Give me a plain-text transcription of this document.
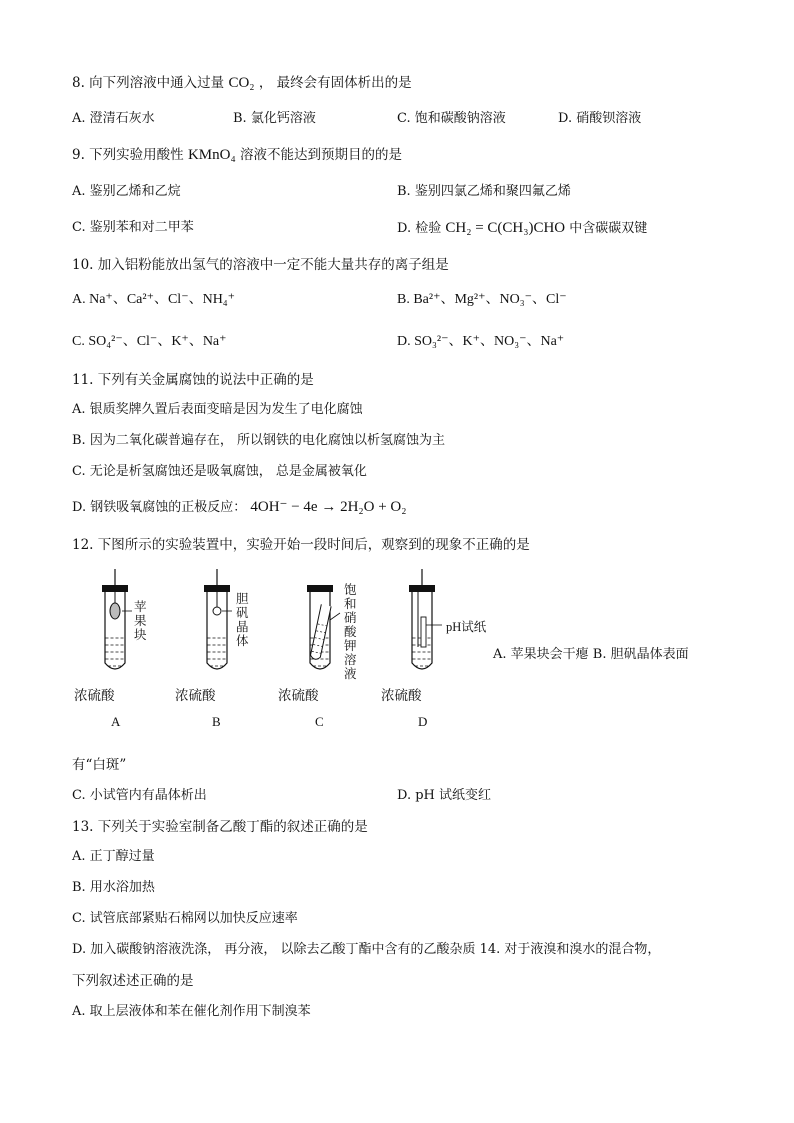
8. 向下列溶液中通入过量 CO₂ ， 最终会有固体析出的是
A. 澄清石灰水	B. 氯化钙溶液	C. 饱和碳酸钠溶液	D. 硝酸钡溶液
9. 下列实验用酸性 KMnO₄ 溶液不能达到预期目的的是
A. 鉴别乙烯和乙烷	B. 鉴别四氯乙烯和聚四氟乙烯
C. 鉴别苯和对二甲苯	D. 检验 CH₂ = C(CH₃)CHO 中含碳碳双键
10. 加入铝粉能放出氢气的溶液中一定不能大量共存的离子组是
A. Na⁺、Ca²⁺、Cl⁻、NH₄⁺	B. Ba²⁺、Mg²⁺、NO₃⁻、Cl⁻
C. SO₄²⁻、Cl⁻、K⁺、Na⁺	D. SO₃²⁻、K⁺、NO₃⁻、Na⁺
11. 下列有关金属腐蚀的说法中正确的是
A. 银质奖牌久置后表面变暗是因为发生了电化腐蚀
B. 因为二氧化碳普遍存在， 所以钢铁的电化腐蚀以析氢腐蚀为主
C. 无论是析氢腐蚀还是吸氧腐蚀， 总是金属被氧化
D. 钢铁吸氧腐蚀的正极反应： 4OH⁻ − 4e → 2H₂O + O₂
12. 下图所示的实验装置中，实验开始一段时间后，观察到的现象不正确的是
苹果块
胆矾晶体
饱和硝酸钾溶液
pH试纸
浓硫酸	浓硫酸	浓硫酸	浓硫酸
A	B	C	D
A. 苹果块会干瘪 B. 胆矾晶体表面
有“白斑”
C. 小试管内有晶体析出	D. pH 试纸变红
13. 下列关于实验室制备乙酸丁酯的叙述正确的是
A. 正丁醇过量
B. 用水浴加热
C. 试管底部紧贴石棉网以加快反应速率
D. 加入碳酸钠溶液洗涤， 再分液， 以除去乙酸丁酯中含有的乙酸杂质 14. 对于液溴和溴水的混合物，
下列叙述述正确的是
A. 取上层液体和苯在催化剂作用下制溴苯
